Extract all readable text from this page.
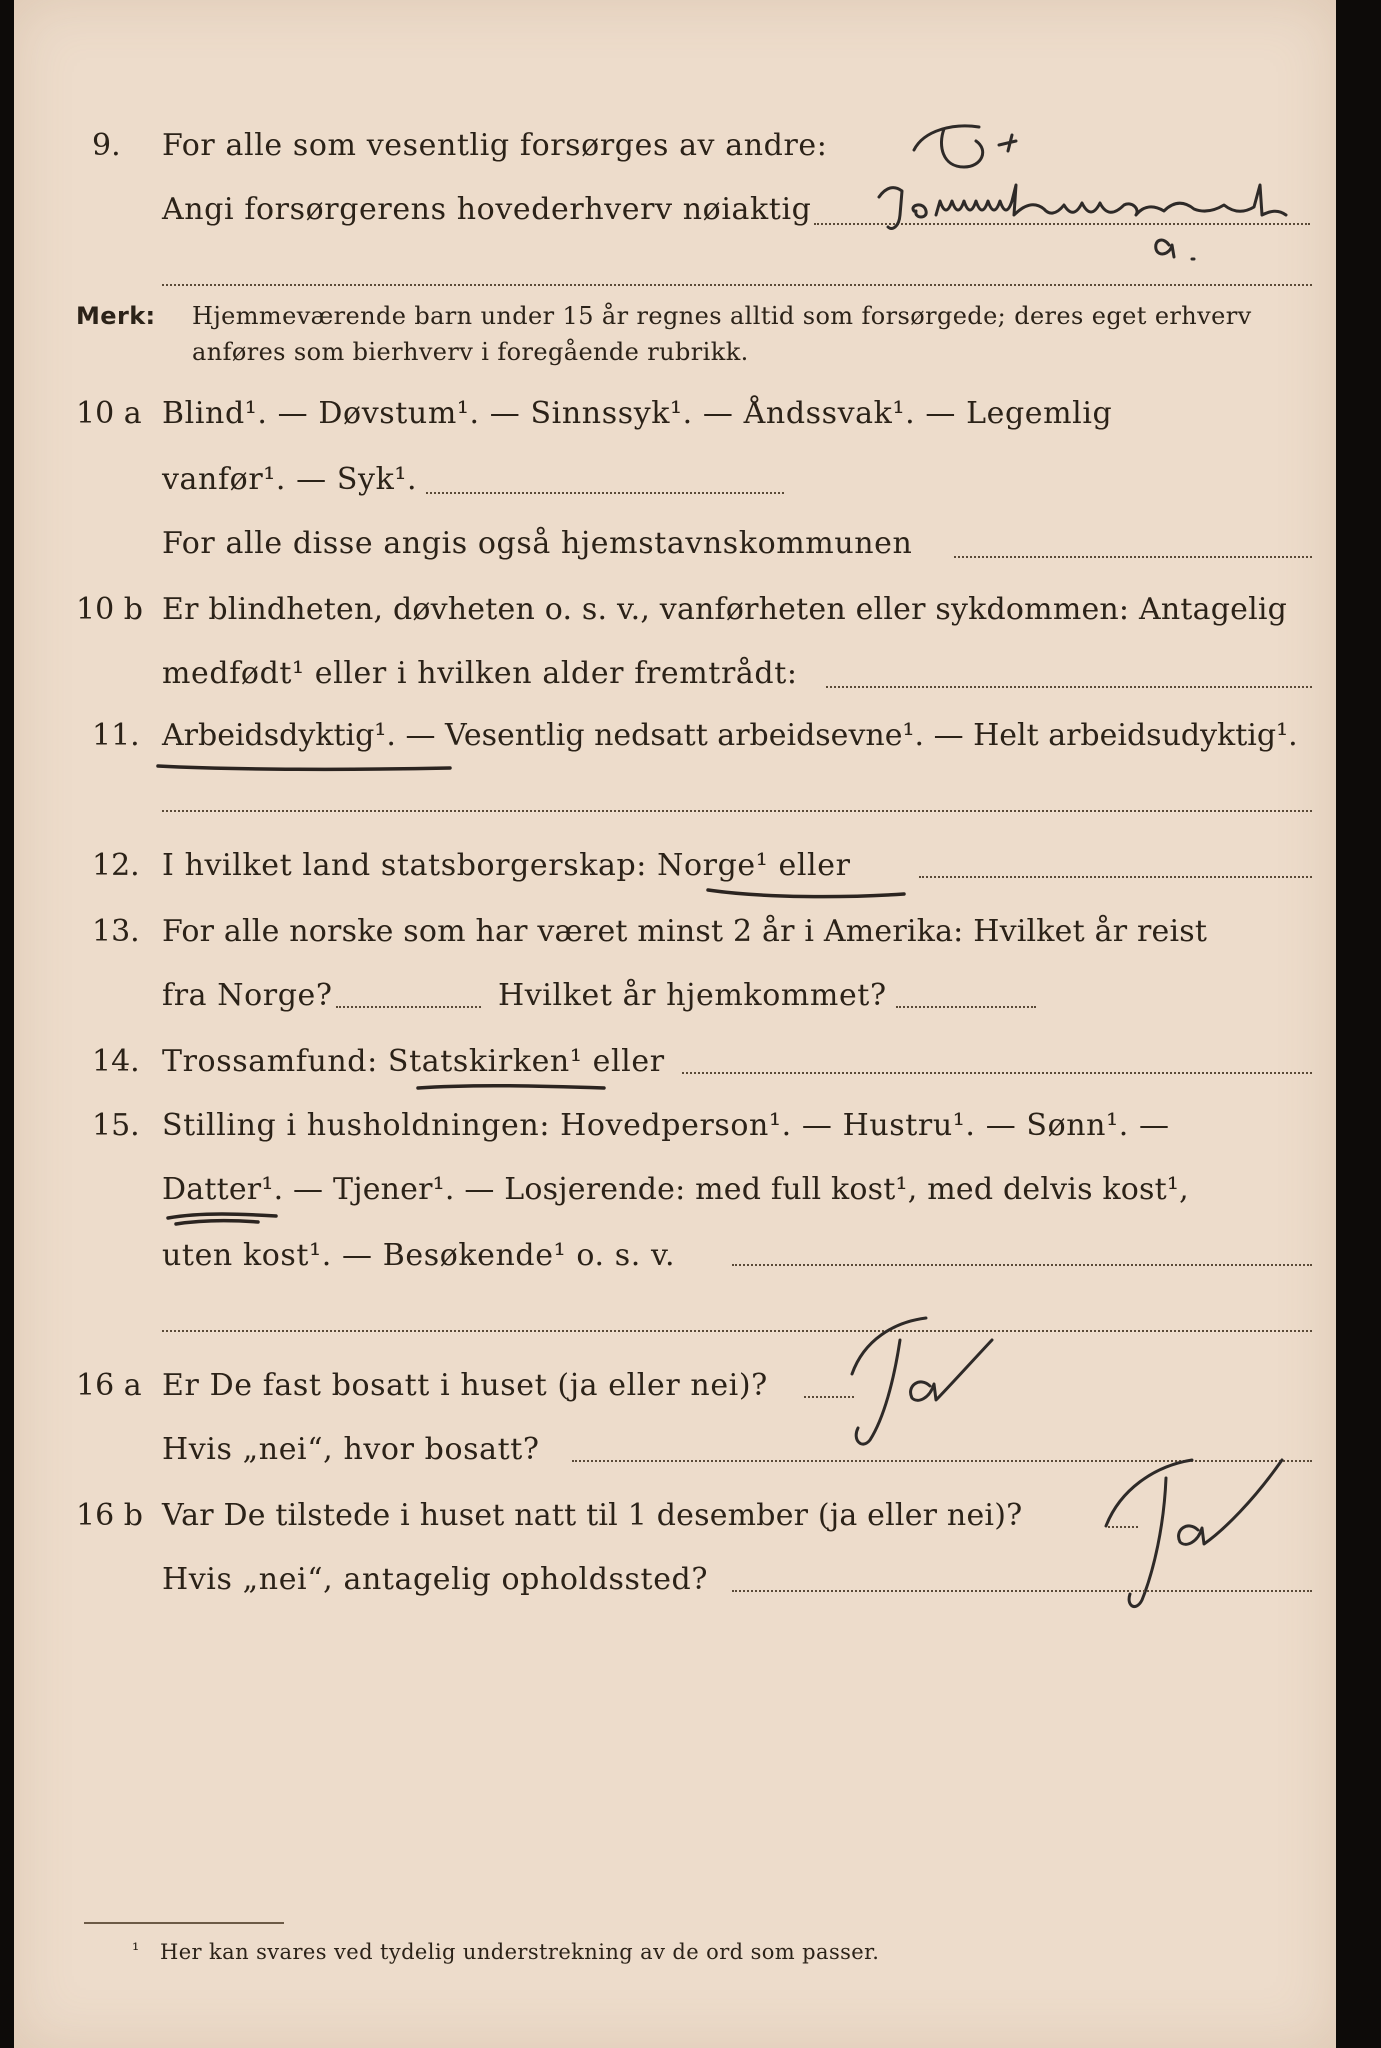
9. For alle som vesentlig forsørges av andre:
Angi forsørgerens hovederhverv nøiaktig
Merk: Hjemmeværende barn under 15 år regnes alltid som forsørgede; deres eget erhverv
anføres som bierhverv i foregående rubrikk.
10 a Blind¹. — Døvstum¹. — Sinnssyk¹. — Åndssvak¹. — Legemlig
vanfør¹. — Syk¹.
For alle disse angis også hjemstavnskommunen
10 b Er blindheten, døvheten o. s. v., vanførheten eller sykdommen: Antagelig
medfødt¹ eller i hvilken alder fremtrådt:
11. Arbeidsdyktig¹. — Vesentlig nedsatt arbeidsevne¹. — Helt arbeidsudyktig¹.
12. I hvilket land statsborgerskap: Norge¹ eller
13. For alle norske som har været minst 2 år i Amerika: Hvilket år reist
fra Norge?	Hvilket år hjemkommet?
14. Trossamfund: Statskirken¹ eller
15. Stilling i husholdningen: Hovedperson¹. — Hustru¹. — Sønn¹. —
Datter¹. — Tjener¹. — Losjerende: med full kost¹, med delvis kost¹,
uten kost¹. — Besøkende¹ o. s. v.
16 a Er De fast bosatt i huset (ja eller nei)?
Hvis „nei“, hvor bosatt?
16 b Var De tilstede i huset natt til 1 desember (ja eller nei)?
Hvis „nei“, antagelig opholdssted?
¹ Her kan svares ved tydelig understrekning av de ord som passer.
